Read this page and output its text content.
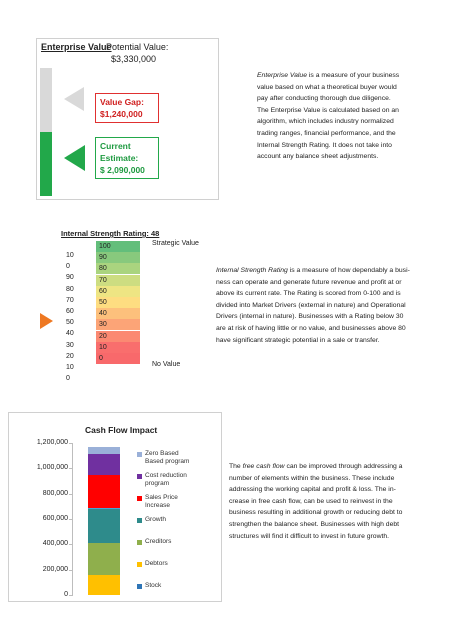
Enterprise Value
Potential Value:
$3,330,000
Value Gap:
$1,240,000
Current
Estimate:
$ 2,090,000
Enterprise Value is a measure of your business
value based on what a theoretical buyer would
pay after conducting thorough due diligence.
The Enterprise Value is calculated based on an
algorithm, which includes industry normalized
trading ranges, financial performance, and the
Internal Strength Rating. It does not take into
account any balance sheet adjustments.
Internal Strength Rating: 48
10
0
90
80
70
60
50
40
30
20
10
0
100
90
80
70
60
50
40
30
20
10
0
Strategic Value
No Value
Internal Strength Rating is a measure of how dependably a busi-
ness can operate and generate future revenue and profit at or
above its current rate. The Rating is scored from 0-100 and is
divided into Market Drivers (external in nature) and Operational
Drivers (internal in nature). Businesses with a Rating below 30
are at risk of having little or no value, and businesses above 80
have significant strategic potential in a sale or transfer.
Cash Flow Impact
0
200,000
400,000
600,000
800,000
1,000,000
1,200,000
Zero Based
Based program
Cost reduction
program
Sales Price
Increase
Growth
Creditors
Debtors
Stock
The free cash flow can be improved through addressing a
number of elements within the business. These include
addressing the working capital and profit & loss. The in-
crease in free cash flow, can be used to reinvest in the
business resulting in additional growth or reducing debt to
strengthen the balance sheet. Businesses with high debt
structures will find it difficult to invest in future growth.
